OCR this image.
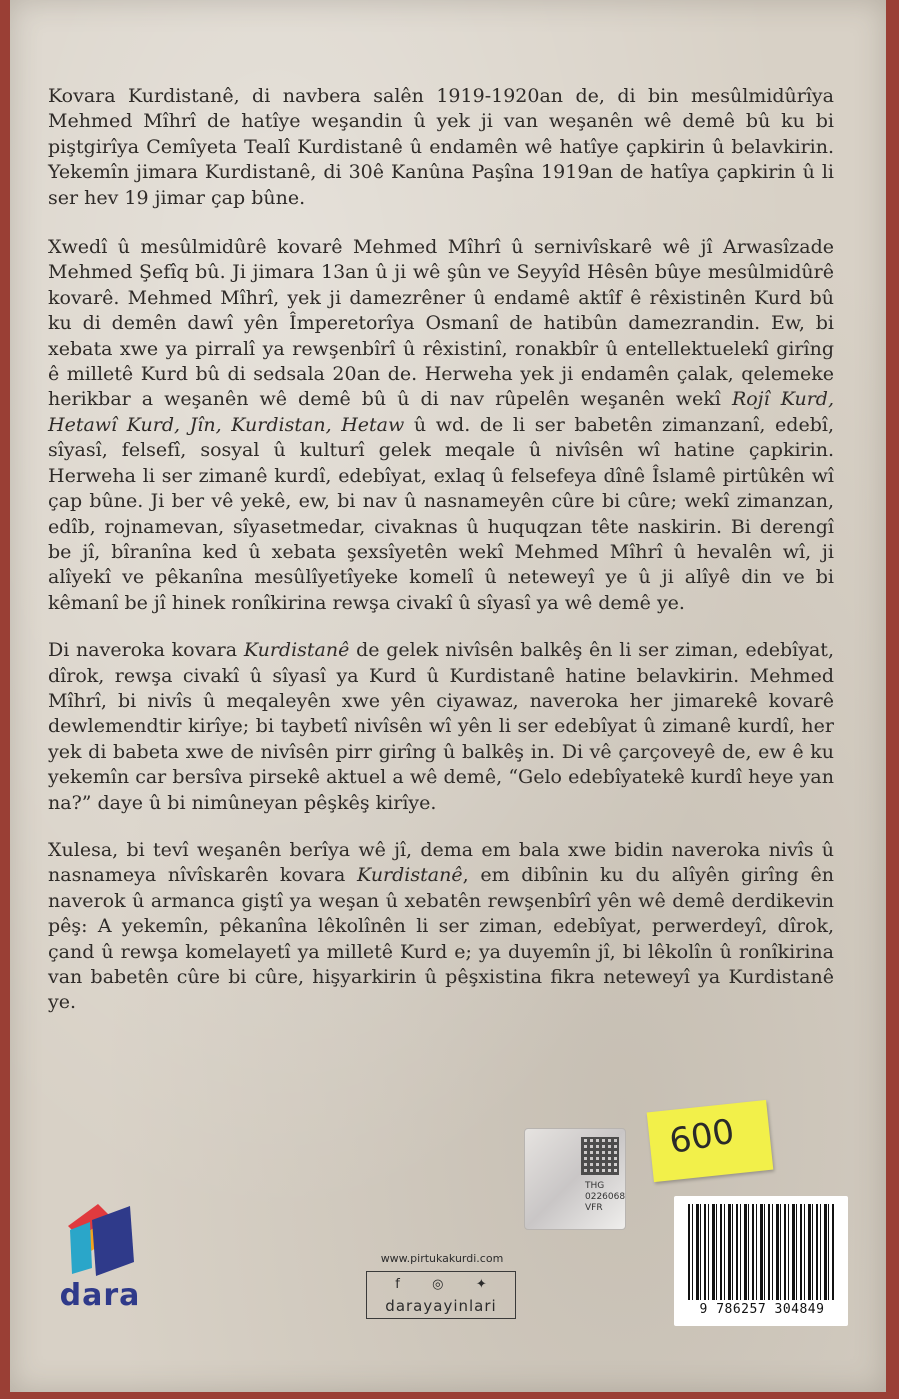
Kovara Kurdistanê, di navbera salên 1919-1920an de, di bin mesûlmidûrîya Mehmed Mîhrî de hatîye weşandin û yek ji van weşanên wê demê bû ku bi piştgirîya Cemîyeta Tealî Kurdistanê û endamên wê hatîye çapkirin û belavkirin. Yekemîn jimara Kurdistanê, di 30ê Kanûna Paşîna 1919an de hatîya çapkirin û li ser hev 19 jimar çap bûne.

Xwedî û mesûlmidûrê kovarê Mehmed Mîhrî û sernivîskarê wê jî Arwasîzade Mehmed Şefîq bû. Ji jimara 13an û ji wê şûn ve Seyyîd Hêsên bûye mesûlmidûrê kovarê. Mehmed Mîhrî, yek ji damezrêner û endamê aktîf ê rêxistinên Kurd bû ku di demên dawî yên Împeretorîya Osmanî de hatibûn damezrandin. Ew, bi xebata xwe ya pirralî ya rewşenbîrî û rêxistinî, ronakbîr û entellektuelekî girîng ê milletê Kurd bû di sedsala 20an de. Herweha yek ji endamên çalak, qelemeke herikbar a weşanên wê demê bû û di nav rûpelên weşanên wekî Rojî Kurd, Hetawî Kurd, Jîn, Kurdistan, Hetaw û wd. de li ser babetên zimanzanî, edebî, sîyasî, felsefî, sosyal û kulturî gelek meqale û nivîsên wî hatine çapkirin. Herweha li ser zimanê kurdî, edebîyat, exlaq û felsefeya dînê Îslamê pirtûkên wî çap bûne. Ji ber vê yekê, ew, bi nav û nasnameyên cûre bi cûre; wekî zimanzan, edîb, rojnamevan, sîyasetmedar, civaknas û huquqzan tête naskirin. Bi derengî be jî, bîranîna ked û xebata şexsîyetên wekî Mehmed Mîhrî û hevalên wî, ji alîyekî ve pêkanîna mesûlîyetîyeke komelî û neteweyî ye û ji alîyê din ve bi kêmanî be jî hinek ronîkirina rewşa civakî û sîyasî ya wê demê ye.

Di naveroka kovara Kurdistanê de gelek nivîsên balkêş ên li ser ziman, edebîyat, dîrok, rewşa civakî û sîyasî ya Kurd û Kurdistanê hatine belavkirin. Mehmed Mîhrî, bi nivîs û meqaleyên xwe yên ciyawaz, naveroka her jimarekê kovarê dewlemendtir kirîye; bi taybetî nivîsên wî yên li ser edebîyat û zimanê kurdî, her yek di babeta xwe de nivîsên pirr girîng û balkêş in. Di vê çarçoveyê de, ew ê ku yekemîn car bersîva pirsekê aktuel a wê demê, “Gelo edebîyatekê kurdî heye yan na?” daye û bi nimûneyan pêşkêş kirîye.

Xulesa, bi tevî weşanên berîya wê jî, dema em bala xwe bidin naveroka nivîs û nasnameya nîvîskarên kovara Kurdistanê, em dibînin ku du alîyên girîng ên naverok û armanca giştî ya weşan û xebatên rewşenbîrî yên wê demê derdikevin pêş: A yekemîn, pêkanîna lêkolînên li ser ziman, edebîyat, perwerdeyî, dîrok, çand û rewşa komelayetî ya milletê Kurd e; ya duyemîn jî, bi lêkolîn û ronîkirina van babetên cûre bi cûre, hişyarkirin û pêşxistina fikra neteweyî ya Kurdistanê ye.

THG
0226068
VFR
600
9 786257 304849
dara
www.pirtukakurdi.com
f ◎ ✦
darayayinlari
